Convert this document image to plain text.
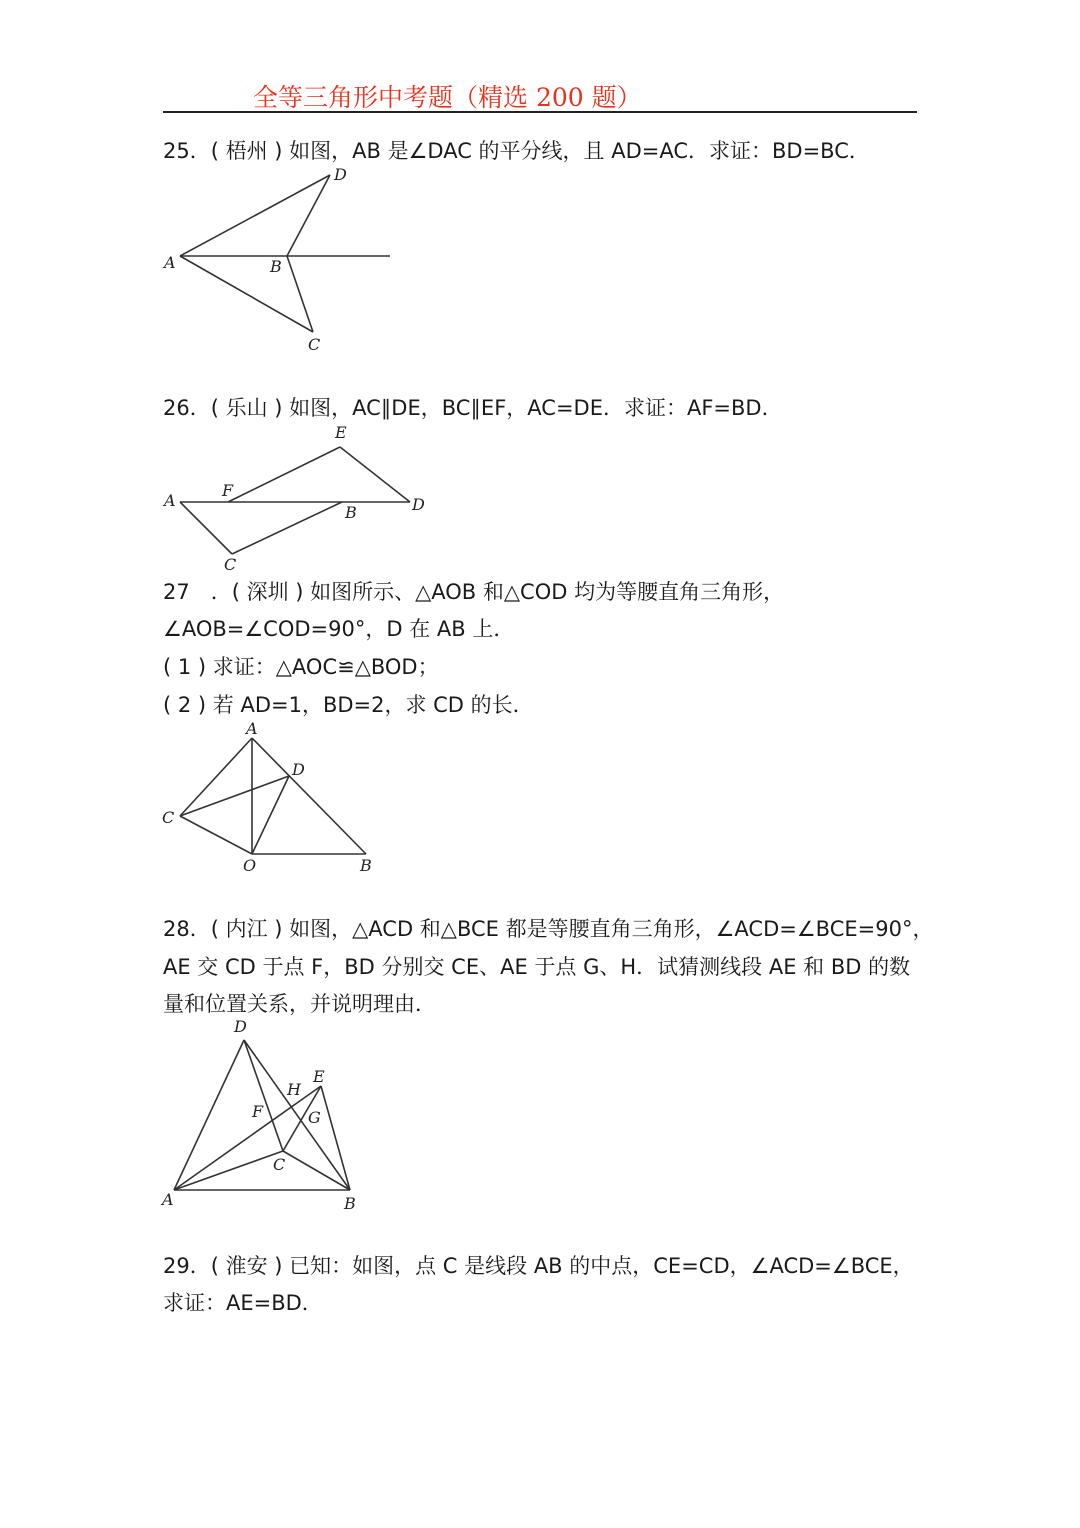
全等三角形中考题（精选 200 题）
25．( 梧州 ) 如图，AB 是∠DAC 的平分线，且 AD=AC．求证：BD=BC．
A	B
C
D
26．( 乐山 ) 如图，AC∥DE，BC∥EF，AC=DE．求证：AF=BD．
A
F
E
B	D
C
27　．( 深圳 ) 如图所示、△AOB 和△COD 均为等腰直角三角形，
∠AOB=∠COD=90°，D 在 AB 上．
( 1 ) 求证：△AOC≌△BOD；
( 2 ) 若 AD=1，BD=2，求 CD 的长．
A
D
C
O	B
28．( 内江 ) 如图，△ACD 和△BCE 都是等腰直角三角形，∠ACD=∠BCE=90°，
AE 交 CD 于点 F，BD 分别交 CE、AE 于点 G、H．试猜测线段 AE 和 BD 的数
量和位置关系，并说明理由．
D
E
H
F	G
C
A	B
29．( 淮安 ) 已知：如图，点 C 是线段 AB 的中点，CE=CD，∠ACD=∠BCE，
求证：AE=BD．
